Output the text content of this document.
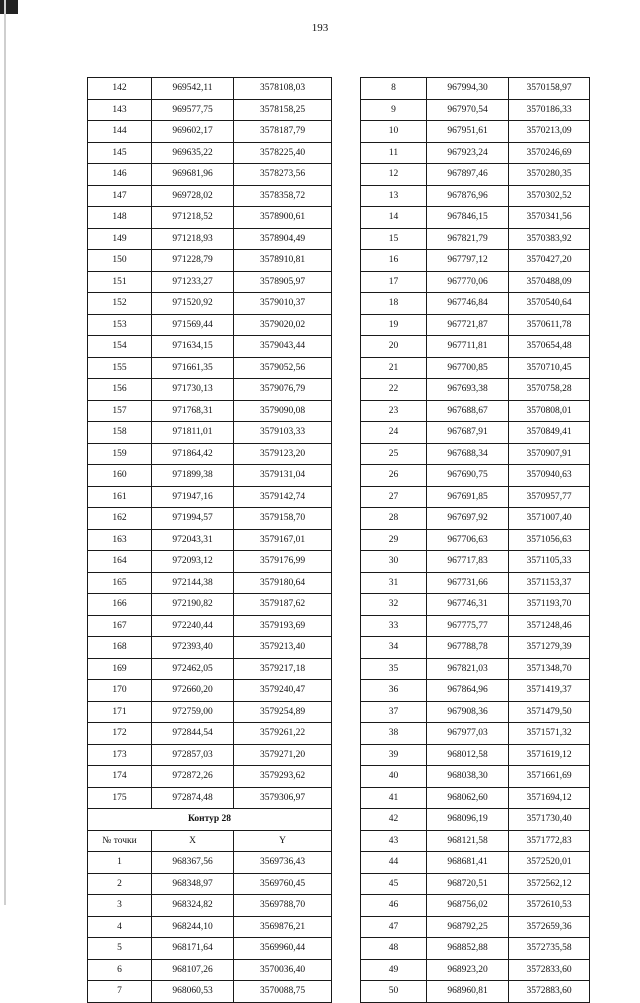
193
142	969542,11	3578108,03
143	969577,75	3578158,25
144	969602,17	3578187,79
145	969635,22	3578225,40
146	969681,96	3578273,56
147	969728,02	3578358,72
148	971218,52	3578900,61
149	971218,93	3578904,49
150	971228,79	3578910,81
151	971233,27	3578905,97
152	971520,92	3579010,37
153	971569,44	3579020,02
154	971634,15	3579043,44
155	971661,35	3579052,56
156	971730,13	3579076,79
157	971768,31	3579090,08
158	971811,01	3579103,33
159	971864,42	3579123,20
160	971899,38	3579131,04
161	971947,16	3579142,74
162	971994,57	3579158,70
163	972043,31	3579167,01
164	972093,12	3579176,99
165	972144,38	3579180,64
166	972190,82	3579187,62
167	972240,44	3579193,69
168	972393,40	3579213,40
169	972462,05	3579217,18
170	972660,20	3579240,47
171	972759,00	3579254,89
172	972844,54	3579261,22
173	972857,03	3579271,20
174	972872,26	3579293,62
175	972874,48	3579306,97
Контур 28		
№ точки	X	Y
1	968367,56	3569736,43
2	968348,97	3569760,45
3	968324,82	3569788,70
4	968244,10	3569876,21
5	968171,64	3569960,44
6	968107,26	3570036,40
7	968060,53	3570088,75
8	967994,30	3570158,97
9	967970,54	3570186,33
10	967951,61	3570213,09
11	967923,24	3570246,69
12	967897,46	3570280,35
13	967876,96	3570302,52
14	967846,15	3570341,56
15	967821,79	3570383,92
16	967797,12	3570427,20
17	967770,06	3570488,09
18	967746,84	3570540,64
19	967721,87	3570611,78
20	967711,81	3570654,48
21	967700,85	3570710,45
22	967693,38	3570758,28
23	967688,67	3570808,01
24	967687,91	3570849,41
25	967688,34	3570907,91
26	967690,75	3570940,63
27	967691,85	3570957,77
28	967697,92	3571007,40
29	967706,63	3571056,63
30	967717,83	3571105,33
31	967731,66	3571153,37
32	967746,31	3571193,70
33	967775,77	3571248,46
34	967788,78	3571279,39
35	967821,03	3571348,70
36	967864,96	3571419,37
37	967908,36	3571479,50
38	967977,03	3571571,32
39	968012,58	3571619,12
40	968038,30	3571661,69
41	968062,60	3571694,12
42	968096,19	3571730,40
43	968121,58	3571772,83
44	968681,41	3572520,01
45	968720,51	3572562,12
46	968756,02	3572610,53
47	968792,25	3572659,36
48	968852,88	3572735,58
49	968923,20	3572833,60
50	968960,81	3572883,60
